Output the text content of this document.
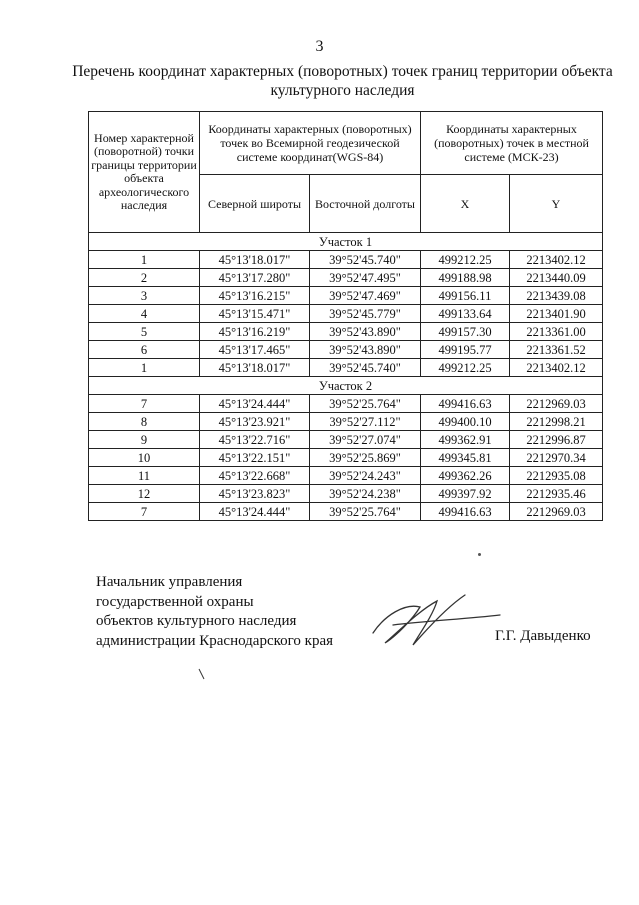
3
Перечень координат характерных (поворотных) точек границ территории объекта культурного наследия
Номер характерной (поворотной) точки границы территории объекта археологического наследия	Координаты характерных (поворотных) точек во Всемирной геодезической системе координат(WGS-84)		Координаты характерных (поворотных) точек в местной системе (МСК-23)	
	Северной широты	Восточной долготы	X	Y
Участок 1				
1	45°13'18.017"	39°52'45.740"	499212.25	2213402.12
2	45°13'17.280"	39°52'47.495"	499188.98	2213440.09
3	45°13'16.215"	39°52'47.469"	499156.11	2213439.08
4	45°13'15.471"	39°52'45.779"	499133.64	2213401.90
5	45°13'16.219"	39°52'43.890"	499157.30	2213361.00
6	45°13'17.465"	39°52'43.890"	499195.77	2213361.52
1	45°13'18.017"	39°52'45.740"	499212.25	2213402.12
Участок 2				
7	45°13'24.444"	39°52'25.764"	499416.63	2212969.03
8	45°13'23.921"	39°52'27.112"	499400.10	2212998.21
9	45°13'22.716"	39°52'27.074"	499362.91	2212996.87
10	45°13'22.151"	39°52'25.869"	499345.81	2212970.34
11	45°13'22.668"	39°52'24.243"	499362.26	2212935.08
12	45°13'23.823"	39°52'24.238"	499397.92	2212935.46
7	45°13'24.444"	39°52'25.764"	499416.63	2212969.03
Начальник управления
государственной охраны
объектов культурного наследия
администрации Краснодарского края	Г.Г. Давыденко
